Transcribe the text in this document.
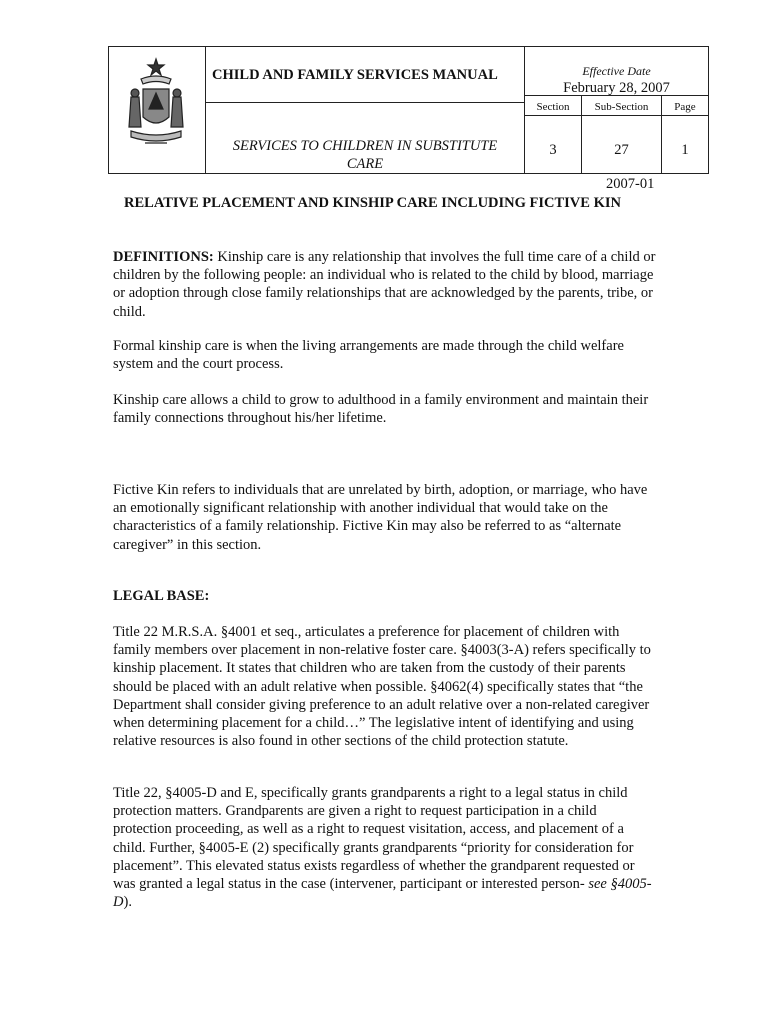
CHILD AND FAMILY SERVICES MANUAL
SERVICES TO CHILDREN IN SUBSTITUTE CARE
Effective Date
February 28, 2007
Section
3
Sub-Section
27
Page
1
2007-01
RELATIVE PLACEMENT AND KINSHIP CARE INCLUDING FICTIVE KIN

DEFINITIONS: Kinship care is any relationship that involves the full time care of a child or children by the following people: an individual who is related to the child by blood, marriage or adoption through close family relationships that are acknowledged by the parents, tribe, or child.

Formal kinship care is when the living arrangements are made through the child welfare system and the court process.

Kinship care allows a child to grow to adulthood in a family environment and maintain their family connections throughout his/her lifetime.

Fictive Kin refers to individuals that are unrelated by birth, adoption, or marriage, who have an emotionally significant relationship with another individual that would take on the characteristics of a family relationship. Fictive Kin may also be referred to as “alternate caregiver” in this section.

LEGAL BASE:

Title 22 M.R.S.A. §4001 et seq., articulates a preference for placement of children with family members over placement in non-relative foster care. §4003(3-A) refers specifically to kinship placement. It states that children who are taken from the custody of their parents should be placed with an adult relative when possible. §4062(4) specifically states that “the Department shall consider giving preference to an adult relative over a non-related caregiver when determining placement for a child…” The legislative intent of identifying and using relative resources is also found in other sections of the child protection statute.

Title 22, §4005-D and E, specifically grants grandparents a right to a legal status in child protection matters. Grandparents are given a right to request participation in a child protection proceeding, as well as a right to request visitation, access, and placement of a child. Further, §4005-E (2) specifically grants grandparents “priority for consideration for placement”. This elevated status exists regardless of whether the grandparent requested or was granted a legal status in the case (intervener, participant or interested person- see §4005-D).
